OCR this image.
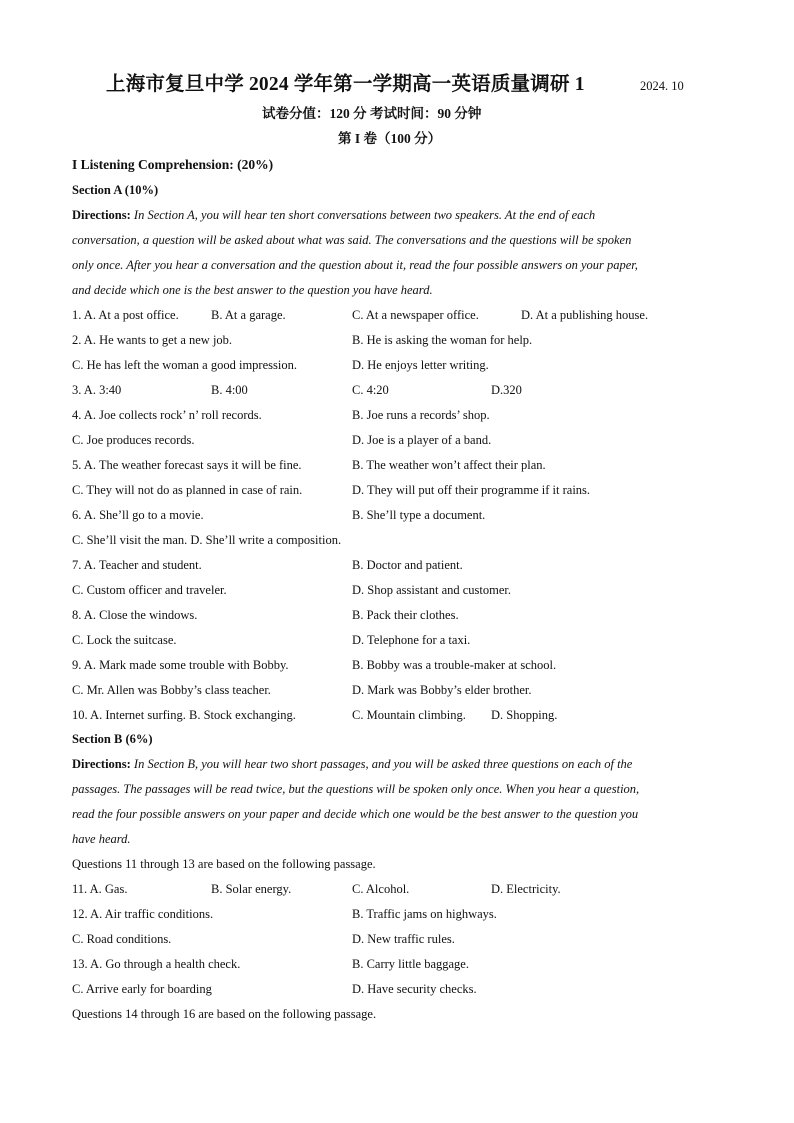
上海市复旦中学 2024 学年第一学期高一英语质量调研 1	2024. 10
试卷分值：120 分 考试时间：90 分钟
第 I 卷（100 分）
I Listening Comprehension: (20%)
Section A (10%)
Directions: In Section A, you will hear ten short conversations between two speakers. At the end of each
conversation, a question will be asked about what was said. The conversations and the questions will be spoken
only once. After you hear a conversation and the question about it, read the four possible answers on your paper,
and decide which one is the best answer to the question you have heard.
1. A. At a post office.	B. At a garage.	C. At a newspaper office.	D. At a publishing house.
2. A. He wants to get a new job.	B. He is asking the woman for help.
C. He has left the woman a good impression.	D. He enjoys letter writing.
3. A. 3:40	B. 4:00	C. 4:20	D.320
4. A. Joe collects rock’ n’ roll records.	B. Joe runs a records’ shop.
C. Joe produces records.	D. Joe is a player of a band.
5. A. The weather forecast says it will be fine.	B. The weather won’t affect their plan.
C. They will not do as planned in case of rain.	D. They will put off their programme if it rains.
6. A. She’ll go to a movie.	B. She’ll type a document.
C. She’ll visit the man. D. She’ll write a composition.
7. A. Teacher and student.	B. Doctor and patient.
C. Custom officer and traveler.	D. Shop assistant and customer.
8. A. Close the windows.	B. Pack their clothes.
C. Lock the suitcase.	D. Telephone for a taxi.
9. A. Mark made some trouble with Bobby.	B. Bobby was a trouble-maker at school.
C. Mr. Allen was Bobby’s class teacher.	D. Mark was Bobby’s elder brother.
10. A. Internet surfing. B. Stock exchanging.	C. Mountain climbing. D. Shopping.
Section B (6%)
Directions: In Section B, you will hear two short passages, and you will be asked three questions on each of the
passages. The passages will be read twice, but the questions will be spoken only once. When you hear a question,
read the four possible answers on your paper and decide which one would be the best answer to the question you
have heard.
Questions 11 through 13 are based on the following passage.
11. A. Gas.	B. Solar energy.	C. Alcohol.	D. Electricity.
12. A. Air traffic conditions.	B. Traffic jams on highways.
C. Road conditions.	D. New traffic rules.
13. A. Go through a health check.	B. Carry little baggage.
C. Arrive early for boarding	D. Have security checks.
Questions 14 through 16 are based on the following passage.
